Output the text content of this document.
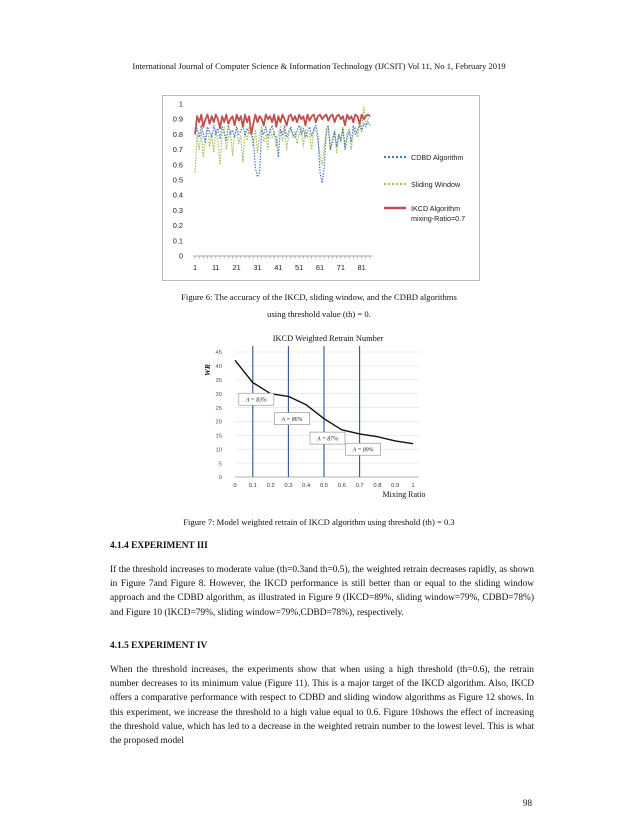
International Journal of Computer Science & Information Technology (IJCSIT) Vol 11, No 1, February 2019
0
0.1
0.2
0.3
0.4
0.5
0.6
0.7
0.8
0.9
1
1 11 21 31 41 51 61 71 81
CDBD Algorithm
Sliding Window
IKCD Algorithm mixing-Ratio=0.7
Figure 6: The accuracy of the IKCD, sliding window, and the CDBD algorithms
using threshold value (th) = 0.
IKCD Weighted Retrain Number
0
5
10
15
20
25
30
35
40
45
0 0.1 0.2 0.3 0.4 0.5 0.6 0.7 0.8 0.9 1
A = 83%
A = 86%
A = 87%
A = 89%
WR
Mixing Ratio
Figure 7: Model weighted retrain of IKCD algorithm using threshold (th) = 0.3
4.1.4 EXPERIMENT III
If the threshold increases to moderate value (th=0.3and th=0.5), the weighted retrain decreases rapidly, as shown in Figure 7and Figure 8. However, the IKCD performance is still better than or equal to the sliding window approach and the CDBD algorithm, as illustrated in Figure 9 (IKCD=89%, sliding window=79%, CDBD=78%) and Figure 10 (IKCD=79%, sliding window=79%,CDBD=78%), respectively.
4.1.5 EXPERIMENT IV
When the threshold increases, the experiments show that when using a high threshold (th=0.6), the retrain number decreases to its minimum value (Figure 11). This is a major target of the IKCD algorithm. Also, IKCD offers a comparative performance with respect to CDBD and sliding window algorithms as Figure 12 shows. In this experiment, we increase the threshold to a high value equal to 0.6. Figure 10shows the effect of increasing the threshold value, which has led to a decrease in the weighted retrain number to the lowest level. This is what the proposed model
98
